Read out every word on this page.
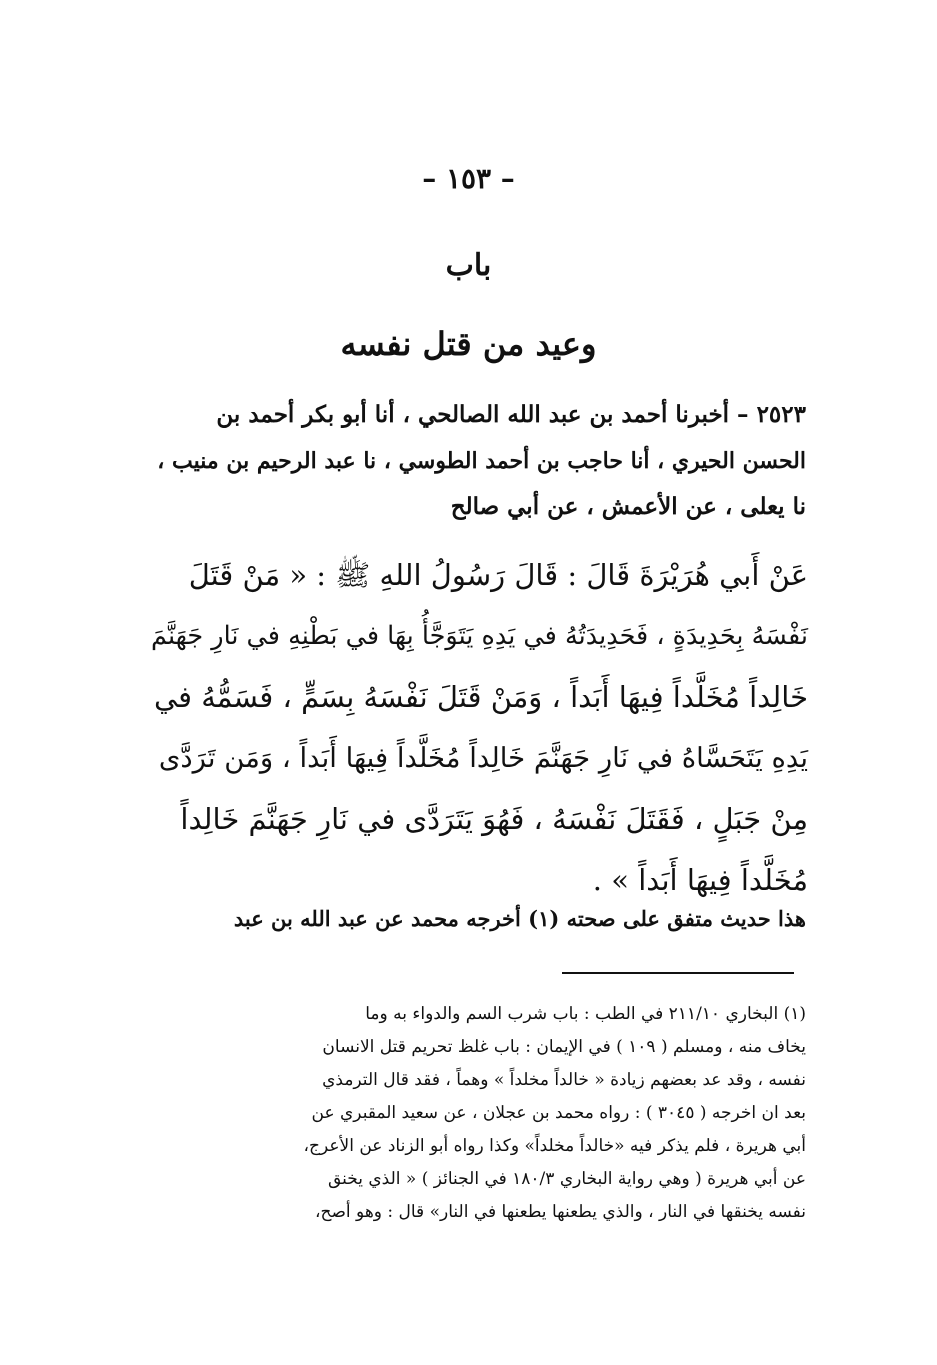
– ١٥٣ –
باب
وعيد من قتل نفسه
٢٥٢٣ – أخبرنا أحمد بن عبد الله الصالحي ، أنا أبو بكر أحمد بن
الحسن الحيري ، أنا حاجب بن أحمد الطوسي ، نا عبد الرحيم بن منيب ،
نا يعلى ، عن الأعمش ، عن أبي صالح
عَنْ أَبي هُرَيْرَةَ قَالَ : قَالَ رَسُولُ اللهِ ﷺ : « مَنْ قَتَلَ
نَفْسَهُ بِحَدِيدَةٍ ، فَحَدِيدَتُهُ في يَدِهِ يَتَوَجَّأُ بِهَا في بَطْنِهِ في نَارِ جَهَنَّمَ
خَالِداً مُخَلَّداً فِيهَا أَبَداً ، وَمَنْ قَتَلَ نَفْسَهُ بِسَمٍّ ، فَسَمُّهُ في
يَدِهِ يَتَحَسَّاهُ في نَارِ جَهَنَّمَ خَالِداً مُخَلَّداً فِيهَا أَبَداً ، وَمَن تَرَدَّى
مِنْ جَبَلٍ ، فَقَتَلَ نَفْسَهُ ، فَهُوَ يَتَرَدَّى في نَارِ جَهَنَّمَ خَالِداً
مُخَلَّداً فِيهَا أَبَداً » .
هذا حديث متفق على صحته (١) أخرجه محمد عن عبد الله بن عبد
(١) البخاري ٢١١/١٠ في الطب : باب شرب السم والدواء به وما
يخاف منه ، ومسلم ( ١٠٩ ) في الإيمان : باب غلظ تحريم قتل الانسان
نفسه ، وقد عد بعضهم زيادة « خالداً مخلداً » وهماً ، فقد قال الترمذي
بعد ان اخرجه ( ٣٠٤٥ ) : رواه محمد بن عجلان ، عن سعيد المقبري عن
أبي هريرة ، فلم يذكر فيه «خالداً مخلداً» وكذا رواه أبو الزناد عن الأعرج،
عن أبي هريرة ( وهي رواية البخاري ١٨٠/٣ في الجنائز ) « الذي يخنق
نفسه يخنقها في النار ، والذي يطعنها يطعنها في النار» قال : وهو أصح،
